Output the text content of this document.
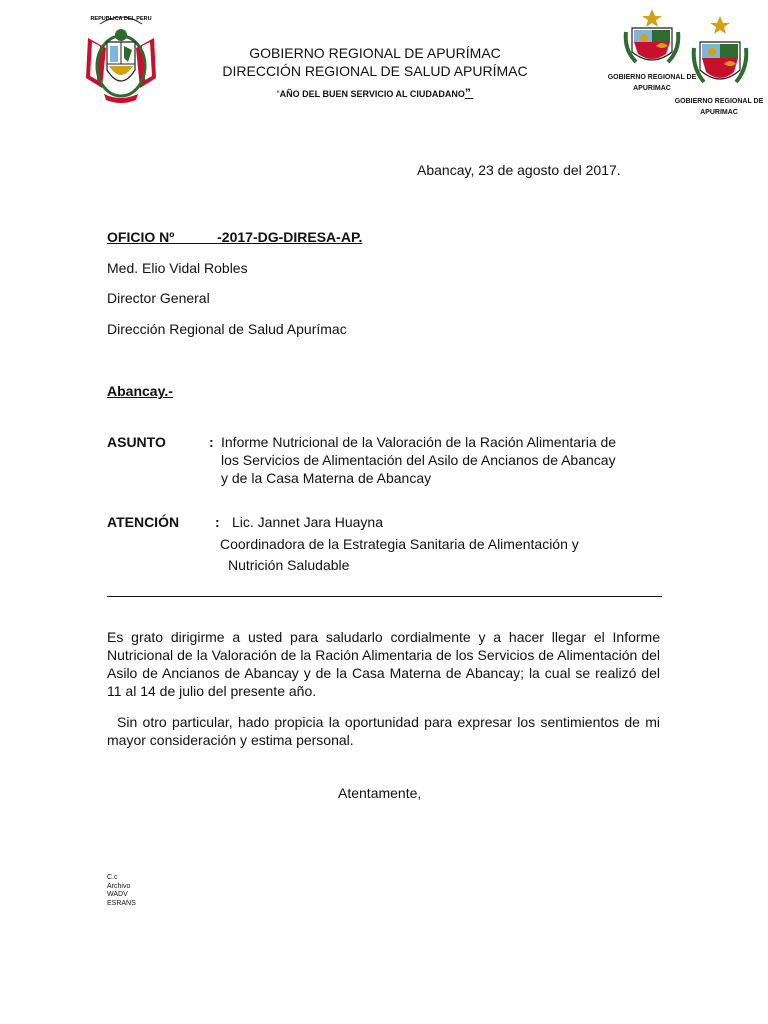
REPUBLICA DEL PERU
GOBIERNO REGIONAL DE APURÍMAC
DIRECCIÓN REGIONAL DE SALUD APURÍMAC
“AÑO DEL BUEN SERVICIO AL CIUDADANO”
GOBIERNO REGIONAL DE
APURIMAC
GOBIERNO REGIONAL DE
APURIMAC
Abancay, 23 de agosto del 2017.
OFICIO Nº	-2017-DG-DIRESA-AP.
Med. Elio Vidal Robles
Director General
Dirección Regional de Salud Apurímac
Abancay.-
ASUNTO	: Informe Nutricional de la Valoración de la Ración Alimentaria de
los Servicios de Alimentación del Asilo de Ancianos de Abancay
y de la Casa Materna de Abancay
ATENCIÓN	: Lic. Jannet Jara Huayna
Coordinadora de la Estrategia Sanitaria de Alimentación y
Nutrición Saludable
Es grato dirigirme a usted para saludarlo cordialmente y a hacer llegar el Informe Nutricional de la Valoración de la Ración Alimentaria de los Servicios de Alimentación del Asilo de Ancianos de Abancay y de la Casa Materna de Abancay; la cual se realizó del 11 al 14 de julio del presente año.
Sin otro particular, hado propicia la oportunidad para expresar los sentimientos de mi mayor consideración y estima personal.
Atentamente,
C.c
Archivo
WADV
ESRANS
